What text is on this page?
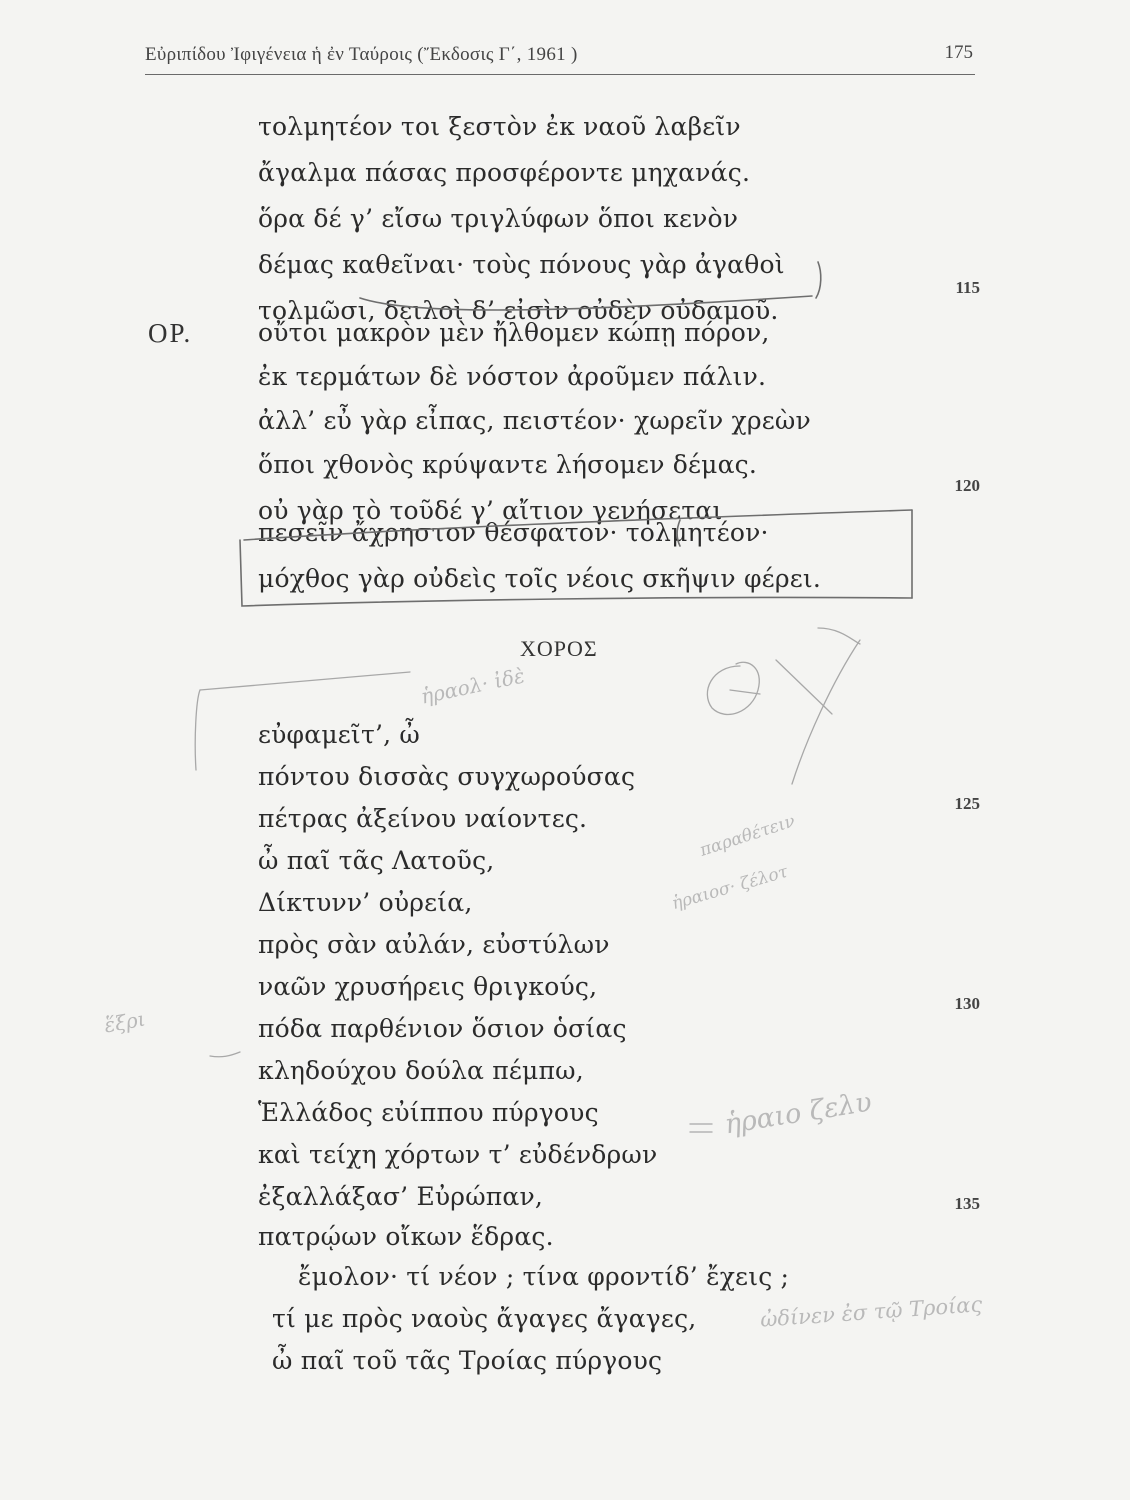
Εὐριπίδου Ἰφιγένεια ἡ ἐν Ταύροις (Ἔκδοσις Γ΄, 1961 )	175
τολμητέον τοι ξεστὸν ἐκ ναοῦ λαβεῖν
ἄγαλμα πάσας προσφέροντε μηχανάς.
ὅρα δέ γ’ εἴσω τριγλύφων ὅποι κενὸν
δέμας καθεῖναι· τοὺς πόνους γὰρ ἀγαθοὶ
τολμῶσι, δειλοὶ δ’ εἰσὶν οὐδὲν οὐδαμοῦ.
ΟΡ.	οὔτοι μακρὸν μὲν ἤλθομεν κώπῃ πόρον,
ἐκ τερμάτων δὲ νόστον ἀροῦμεν πάλιν.
ἀλλ’ εὖ γὰρ εἶπας, πειστέον· χωρεῖν χρεὼν
ὅποι χθονὸς κρύψαντε λήσομεν δέμας.
οὐ γὰρ τὸ τοῦδέ γ’ αἴτιον γενήσεται
πεσεῖν ἄχρηστον θέσφατον· τολμητέον·
μόχθος γὰρ οὐδεὶς τοῖς νέοις σκῆψιν φέρει.
ΧΟΡΟΣ
εὐφαμεῖτ’, ὦ
πόντου δισσὰς συγχωρούσας
πέτρας ἀξείνου ναίοντες.
ὦ παῖ τᾶς Λατοῦς,
Δίκτυνν’ οὐρεία,
πρὸς σὰν αὐλάν, εὐστύλων
ναῶν χρυσήρεις θριγκούς,
πόδα παρθένιον ὅσιον ὁσίας
κληδούχου δούλα πέμπω,
Ἑλλάδος εὐίππου πύργους
καὶ τείχη χόρτων τ’ εὐδένδρων
ἐξαλλάξασ’ Εὐρώπαν,
πατρῴων οἴκων ἕδρας.
ἔμολον· τί νέον ; τίνα φροντίδ’ ἔχεις ;
τί με πρὸς ναοὺς ἄγαγες ἄγαγες,
ὦ παῖ τοῦ τᾶς Τροίας πύργους
115
120
125
130
135
ἡραολ· ἰδὲ
παραθέτειν
ἡραιοσ· ζέλοτ
ἡραιο ζελυ
ὠδίνεν ἐσ τῷ Τροίας
ἕξρι
